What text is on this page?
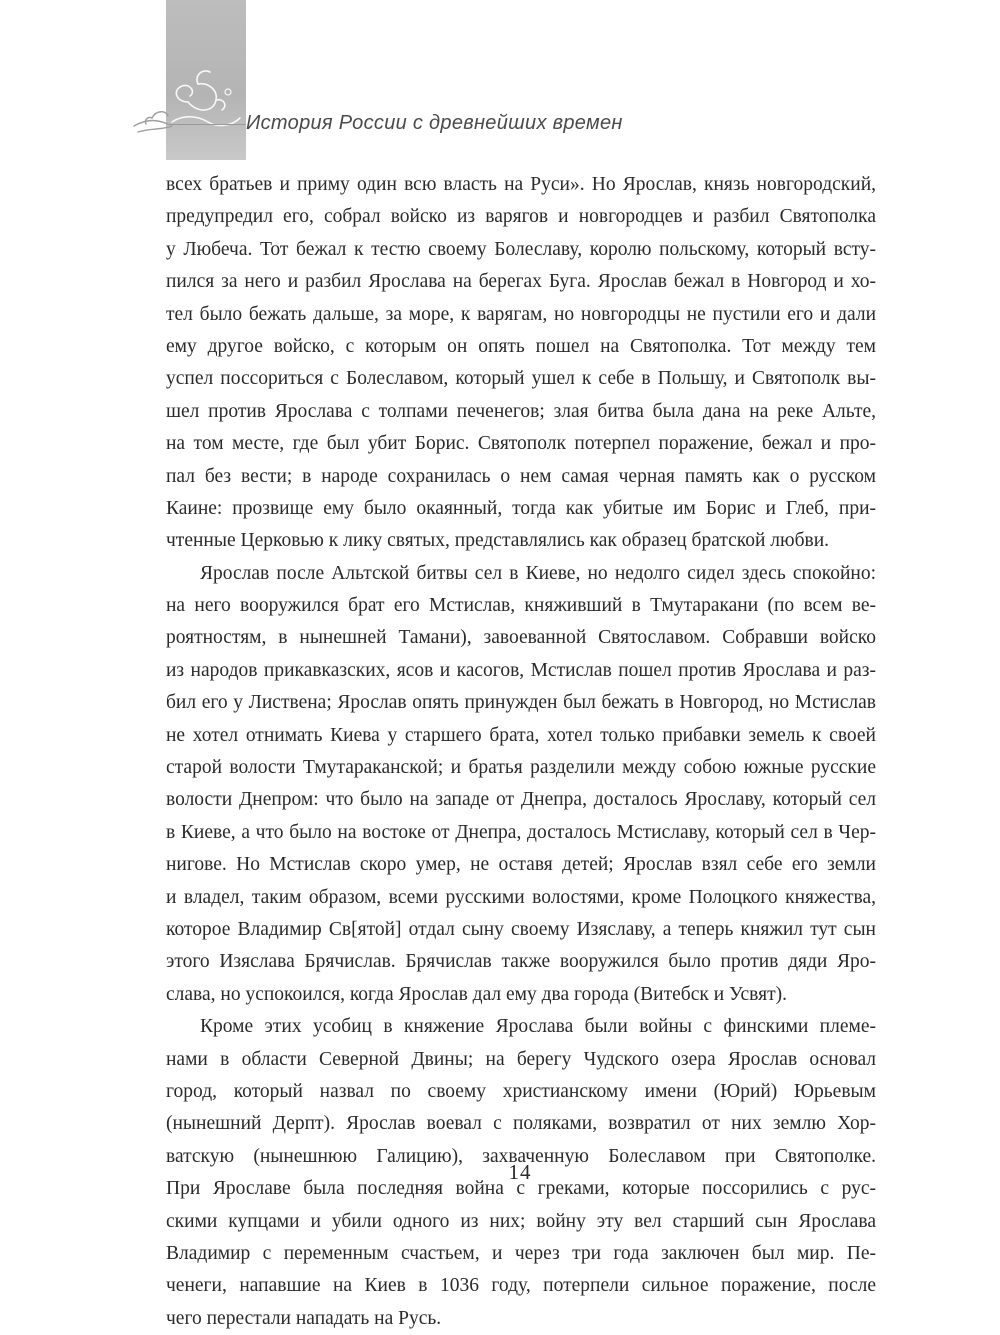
История России с древнейших времен
всех братьев и приму один всю власть на Руси». Но Ярослав, князь новгородский,
предупредил его, собрал войско из варягов и новгородцев и разбил Святополка
у Любеча. Тот бежал к тестю своему Болеславу, королю польскому, который всту-
пился за него и разбил Ярослава на берегах Буга. Ярослав бежал в Новгород и хо-
тел было бежать дальше, за море, к варягам, но новгородцы не пустили его и дали
ему другое войско, с которым он опять пошел на Святополка. Тот между тем
успел поссориться с Болеславом, который ушел к себе в Польшу, и Святополк вы-
шел против Ярослава с толпами печенегов; злая битва была дана на реке Альте,
на том месте, где был убит Борис. Святополк потерпел поражение, бежал и про-
пал без вести; в народе сохранилась о нем самая черная память как о русском
Каине: прозвище ему было окаянный, тогда как убитые им Борис и Глеб, при-
чтенные Церковью к лику святых, представлялись как образец братской любви.
Ярослав после Альтской битвы сел в Киеве, но недолго сидел здесь спокойно:
на него вооружился брат его Мстислав, княживший в Тмутаракани (по всем ве-
роятностям, в нынешней Тамани), завоеванной Святославом. Собравши войско
из народов прикавказских, ясов и касогов, Мстислав пошел против Ярослава и раз-
бил его у Листвена; Ярослав опять принужден был бежать в Новгород, но Мстислав
не хотел отнимать Киева у старшего брата, хотел только прибавки земель к своей
старой волости Тмутараканской; и братья разделили между собою южные русские
волости Днепром: что было на западе от Днепра, досталось Ярославу, который сел
в Киеве, а что было на востоке от Днепра, досталось Мстиславу, который сел в Чер-
нигове. Но Мстислав скоро умер, не оставя детей; Ярослав взял себе его земли
и владел, таким образом, всеми русскими волостями, кроме Полоцкого княжества,
которое Владимир Св[ятой] отдал сыну своему Изяславу, а теперь княжил тут сын
этого Изяслава Брячислав. Брячислав также вооружился было против дяди Яро-
слава, но успокоился, когда Ярослав дал ему два города (Витебск и Усвят).
Кроме этих усобиц в княжение Ярослава были войны с финскими племе-
нами в области Северной Двины; на берегу Чудского озера Ярослав основал
город, который назвал по своему христианскому имени (Юрий) Юрьевым
(нынешний Дерпт). Ярослав воевал с поляками, возвратил от них землю Хор-
ватскую (нынешнюю Галицию), захваченную Болеславом при Святополке.
При Ярославе была последняя война с греками, которые поссорились с рус-
скими купцами и убили одного из них; войну эту вел старший сын Ярослава
Владимир с переменным счастьем, и через три года заключен был мир. Пе-
ченеги, напавшие на Киев в 1036 году, потерпели сильное поражение, после
чего перестали нападать на Русь.
14
